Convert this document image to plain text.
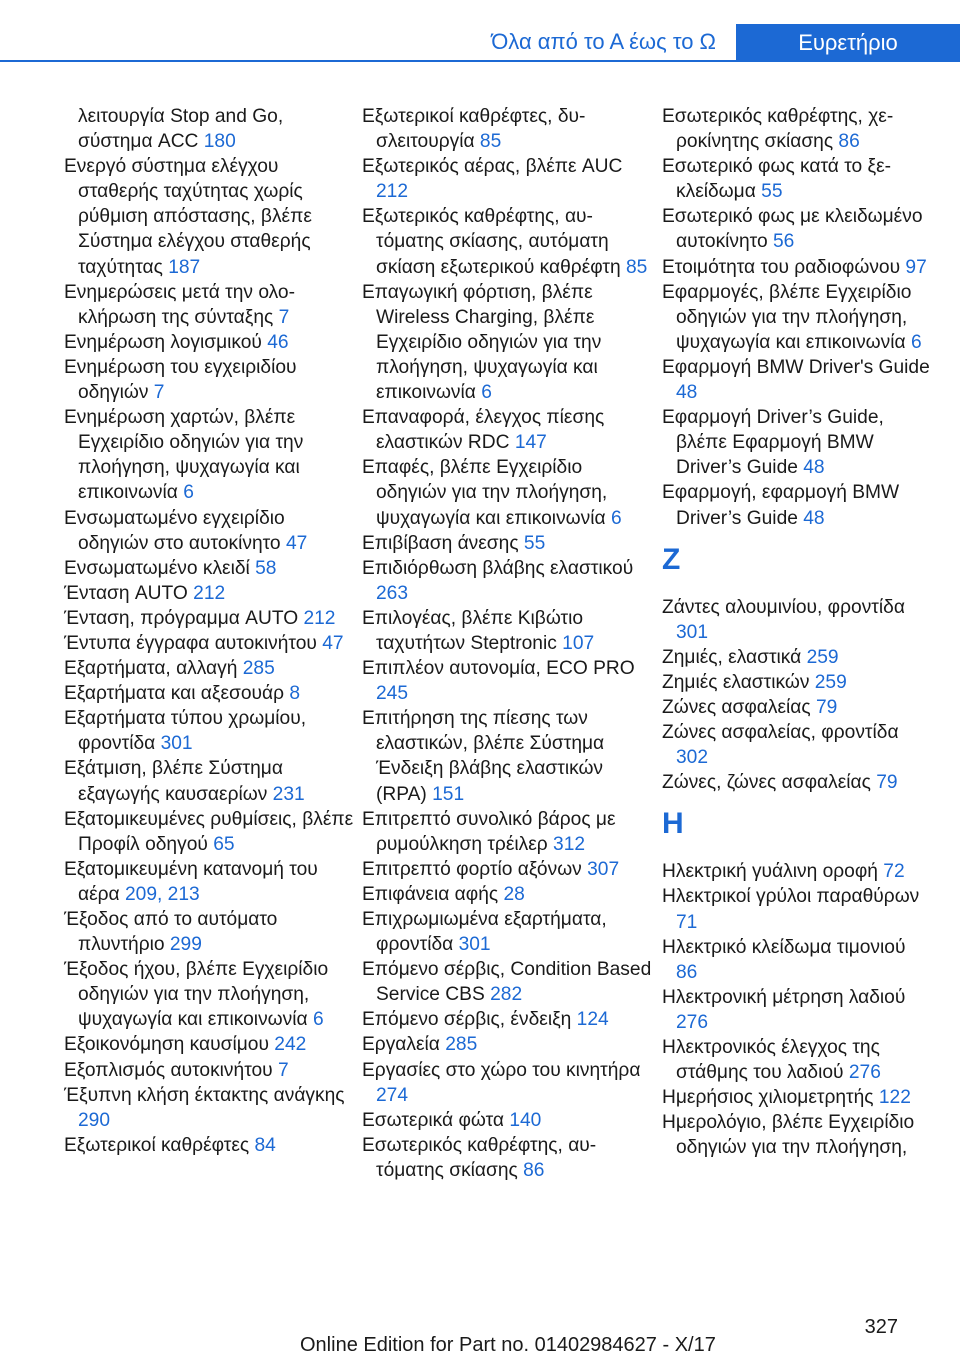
Όλα από το Α έως το Ω	Ευρετήριο
λειτουργία Stop and Go, σύστημα ACC 180
Ενεργό σύστημα ελέγχου σταθερής ταχύτητας χωρίς ρύθμιση απόστασης, βλέπε Σύστημα ελέγχου σταθερής ταχύτητας 187
Ενημερώσεις μετά την ολοκλήρωση της σύνταξης 7
Ενημέρωση λογισμικού 46
Ενημέρωση του εγχειριδίου οδηγιών 7
Ενημέρωση χαρτών, βλέπε Εγχειρίδιο οδηγιών για την πλοήγηση, ψυχαγωγία και επικοινωνία 6
Ενσωματωμένο εγχειρίδιο οδηγιών στο αυτοκίνητο 47
Ενσωματωμένο κλειδί 58
Ένταση AUTO 212
Ένταση, πρόγραμμα AUTO 212
Έντυπα έγγραφα αυτοκινήτου 47
Εξαρτήματα, αλλαγή 285
Εξαρτήματα και αξεσουάρ 8
Εξαρτήματα τύπου χρωμίου, φροντίδα 301
Εξάτμιση, βλέπε Σύστημα εξαγωγής καυσαερίων 231
Εξατομικευμένες ρυθμίσεις, βλέπε Προφίλ οδηγού 65
Εξατομικευμένη κατανομή του αέρα 209, 213
Έξοδος από το αυτόματο πλυντήριο 299
Έξοδος ήχου, βλέπε Εγχειρίδιο οδηγιών για την πλοήγηση, ψυχαγωγία και επικοινωνία 6
Εξοικονόμηση καυσίμου 242
Εξοπλισμός αυτοκινήτου 7
Έξυπνη κλήση έκτακτης ανάγκης 290
Εξωτερικοί καθρέφτες 84
Εξωτερικοί καθρέφτες, δυσλειτουργία 85
Εξωτερικός αέρας, βλέπε AUC 212
Εξωτερικός καθρέφτης, αυτόματης σκίασης, αυτόματη σκίαση εξωτερικού καθρέφτη 85
Επαγωγική φόρτιση, βλέπε Wireless Charging, βλέπε Εγχειρίδιο οδηγιών για την πλοήγηση, ψυχαγωγία και επικοινωνία 6
Επαναφορά, έλεγχος πίεσης ελαστικών RDC 147
Επαφές, βλέπε Εγχειρίδιο οδηγιών για την πλοήγηση, ψυχαγωγία και επικοινωνία 6
Επιβίβαση άνεσης 55
Επιδιόρθωση βλάβης ελαστικού 263
Επιλογέας, βλέπε Κιβώτιο ταχυτήτων Steptronic 107
Επιπλέον αυτονομία, ECO PRO 245
Επιτήρηση της πίεσης των ελαστικών, βλέπε Σύστημα Ένδειξη βλάβης ελαστικών (RPA) 151
Επιτρεπτό συνολικό βάρος με ρυμούλκηση τρέιλερ 312
Επιτρεπτό φορτίο αξόνων 307
Επιφάνεια αφής 28
Επιχρωμιωμένα εξαρτήματα, φροντίδα 301
Επόμενο σέρβις, Condition Based Service CBS 282
Επόμενο σέρβις, ένδειξη 124
Εργαλεία 285
Εργασίες στο χώρο του κινητήρα 274
Εσωτερικά φώτα 140
Εσωτερικός καθρέφτης, αυτόματης σκίασης 86
Εσωτερικός καθρέφτης, χεροκίνητης σκίασης 86
Εσωτερικό φως κατά το ξεκλείδωμα 55
Εσωτερικό φως με κλειδωμένο αυτοκίνητο 56
Ετοιμότητα του ραδιοφώνου 97
Εφαρμογές, βλέπε Εγχειρίδιο οδηγιών για την πλοήγηση, ψυχαγωγία και επικοινωνία 6
Εφαρμογή BMW Driver's Guide 48
Εφαρμογή Driver’s Guide, βλέπε Εφαρμογή BMW Driver’s Guide 48
Εφαρμογή, εφαρμογή BMW Driver’s Guide 48
Z
Ζάντες αλουμινίου, φροντίδα 301
Ζημιές, ελαστικά 259
Ζημιές ελαστικών 259
Ζώνες ασφαλείας 79
Ζώνες ασφαλείας, φροντίδα 302
Ζώνες, ζώνες ασφαλείας 79
H
Ηλεκτρική γυάλινη οροφή 72
Ηλεκτρικοί γρύλοι παραθύρων 71
Ηλεκτρικό κλείδωμα τιμονιού 86
Ηλεκτρονική μέτρηση λαδιού 276
Ηλεκτρονικός έλεγχος της στάθμης του λαδιού 276
Ημερήσιος χιλιομετρητής 122
Ημερολόγιο, βλέπε Εγχειρίδιο οδηγιών για την πλοήγηση,
327
Online Edition for Part no. 01402984627 - X/17
